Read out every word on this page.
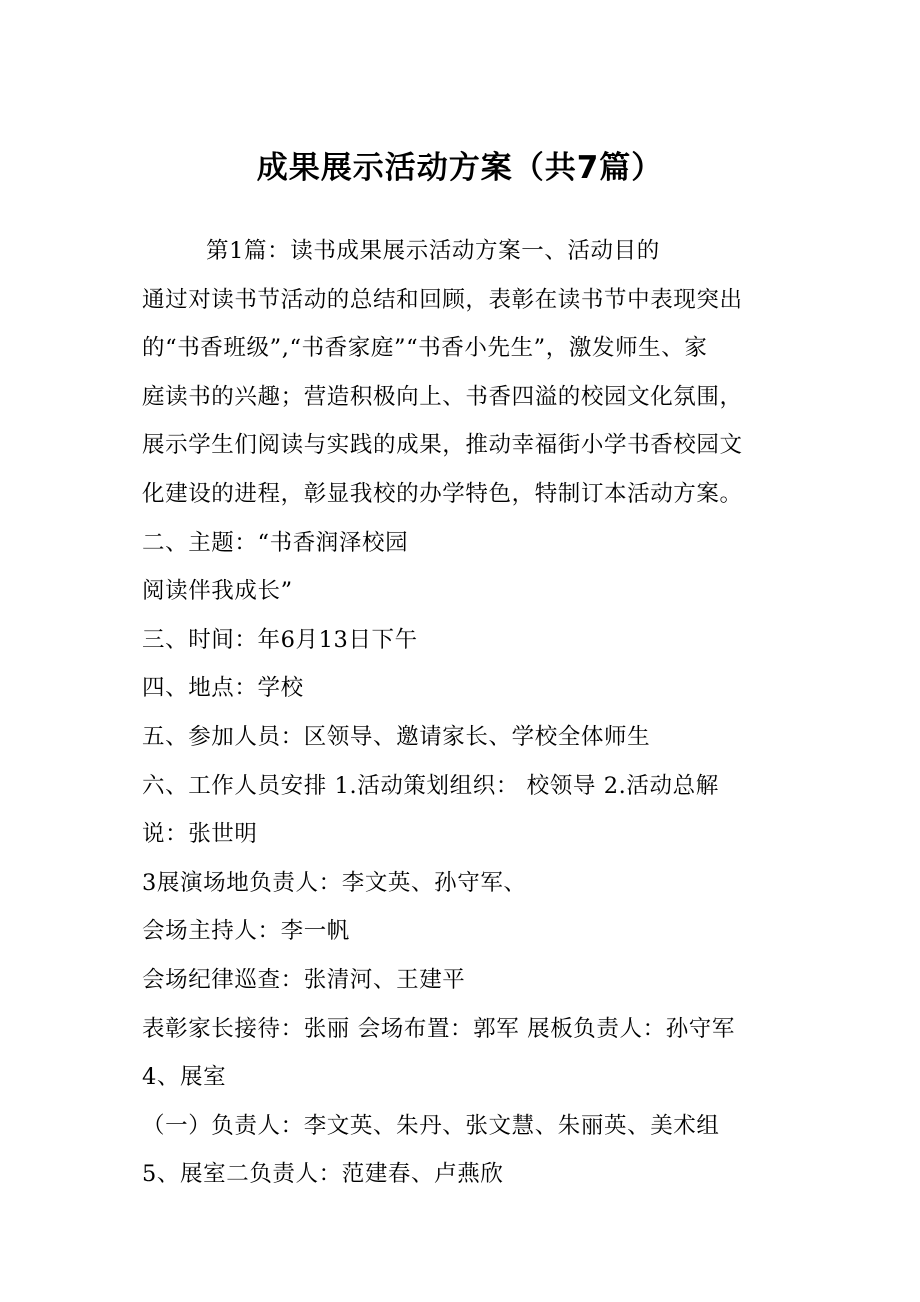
成果展示活动方案（共7篇）

第1篇：读书成果展示活动方案一、活动目的

通过对读书节活动的总结和回顾，表彰在读书节中表现突出

的“书香班级”,“书香家庭”“书香小先生”，激发师生、家

庭读书的兴趣；营造积极向上、书香四溢的校园文化氛围，

展示学生们阅读与实践的成果，推动幸福街小学书香校园文

化建设的进程，彰显我校的办学特色，特制订本活动方案。

二、主题：“书香润泽校园

阅读伴我成长”

三、时间：年6月13日下午

四、地点：学校

五、参加人员：区领导、邀请家长、学校全体师生

六、工作人员安排 1.活动策划组织： 校领导 2.活动总解

说：张世明

3展演场地负责人：李文英、孙守军、

会场主持人：李一帆

会场纪律巡查：张清河、王建平

表彰家长接待：张丽 会场布置：郭军 展板负责人：孙守军

4、展室

（一）负责人：李文英、朱丹、张文慧、朱丽英、美术组

5、展室二负责人：范建春、卢燕欣
